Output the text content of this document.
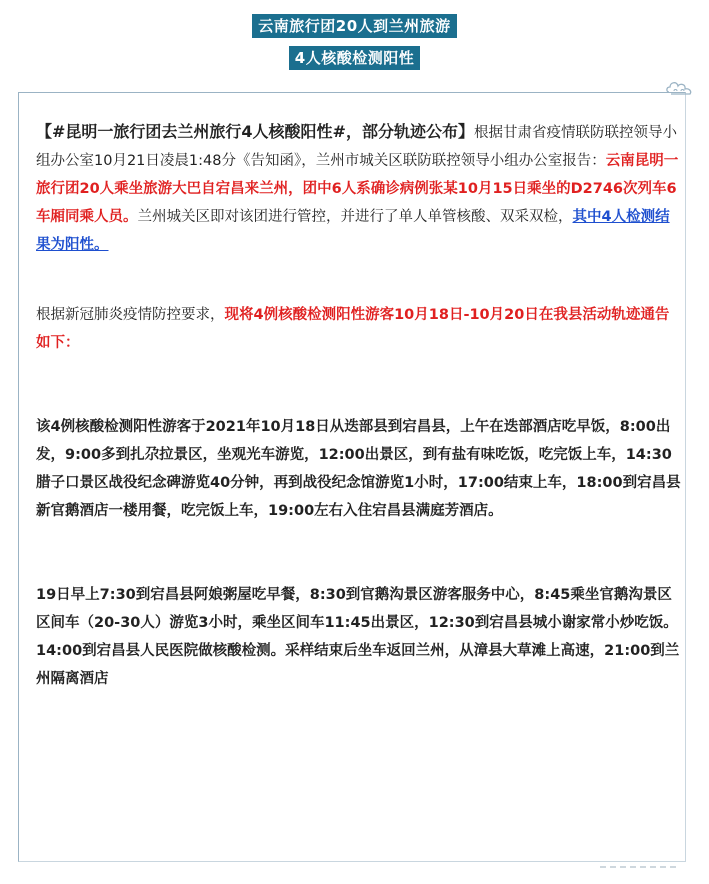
云南旅行团20人到兰州旅游
4人核酸检测阳性

【#昆明一旅行团去兰州旅行4人核酸阳性#，部分轨迹公布】根据甘肃省疫情联防联控领导小组办公室10月21日凌晨1:48分《告知函》，兰州市城关区联防联控领导小组办公室报告：云南昆明一旅行团20人乘坐旅游大巴自宕昌来兰州，团中6人系确诊病例张某10月15日乘坐的D2746次列车6车厢同乘人员。兰州城关区即对该团进行管控，并进行了单人单管核酸、双采双检，其中4人检测结果为阳性。

根据新冠肺炎疫情防控要求，现将4例核酸检测阳性游客10月18日-10月20日在我县活动轨迹通告如下：

该4例核酸检测阳性游客于2021年10月18日从迭部县到宕昌县，上午在迭部酒店吃早饭，8:00出发，9:00多到扎尕拉景区，坐观光车游览，12:00出景区，到有盐有味吃饭，吃完饭上车，14:30腊子口景区战役纪念碑游览40分钟，再到战役纪念馆游览1小时，17:00结束上车，18:00到宕昌县新官鹅酒店一楼用餐，吃完饭上车，19:00左右入住宕昌县满庭芳酒店。

19日早上7:30到宕昌县阿娘粥屋吃早餐，8:30到官鹅沟景区游客服务中心，8:45乘坐官鹅沟景区区间车（20-30人）游览3小时，乘坐区间车11:45出景区，12:30到宕昌县城小谢家常小炒吃饭。14:00到宕昌县人民医院做核酸检测。采样结束后坐车返回兰州，从漳县大草滩上高速，21:00到兰州隔离酒店
